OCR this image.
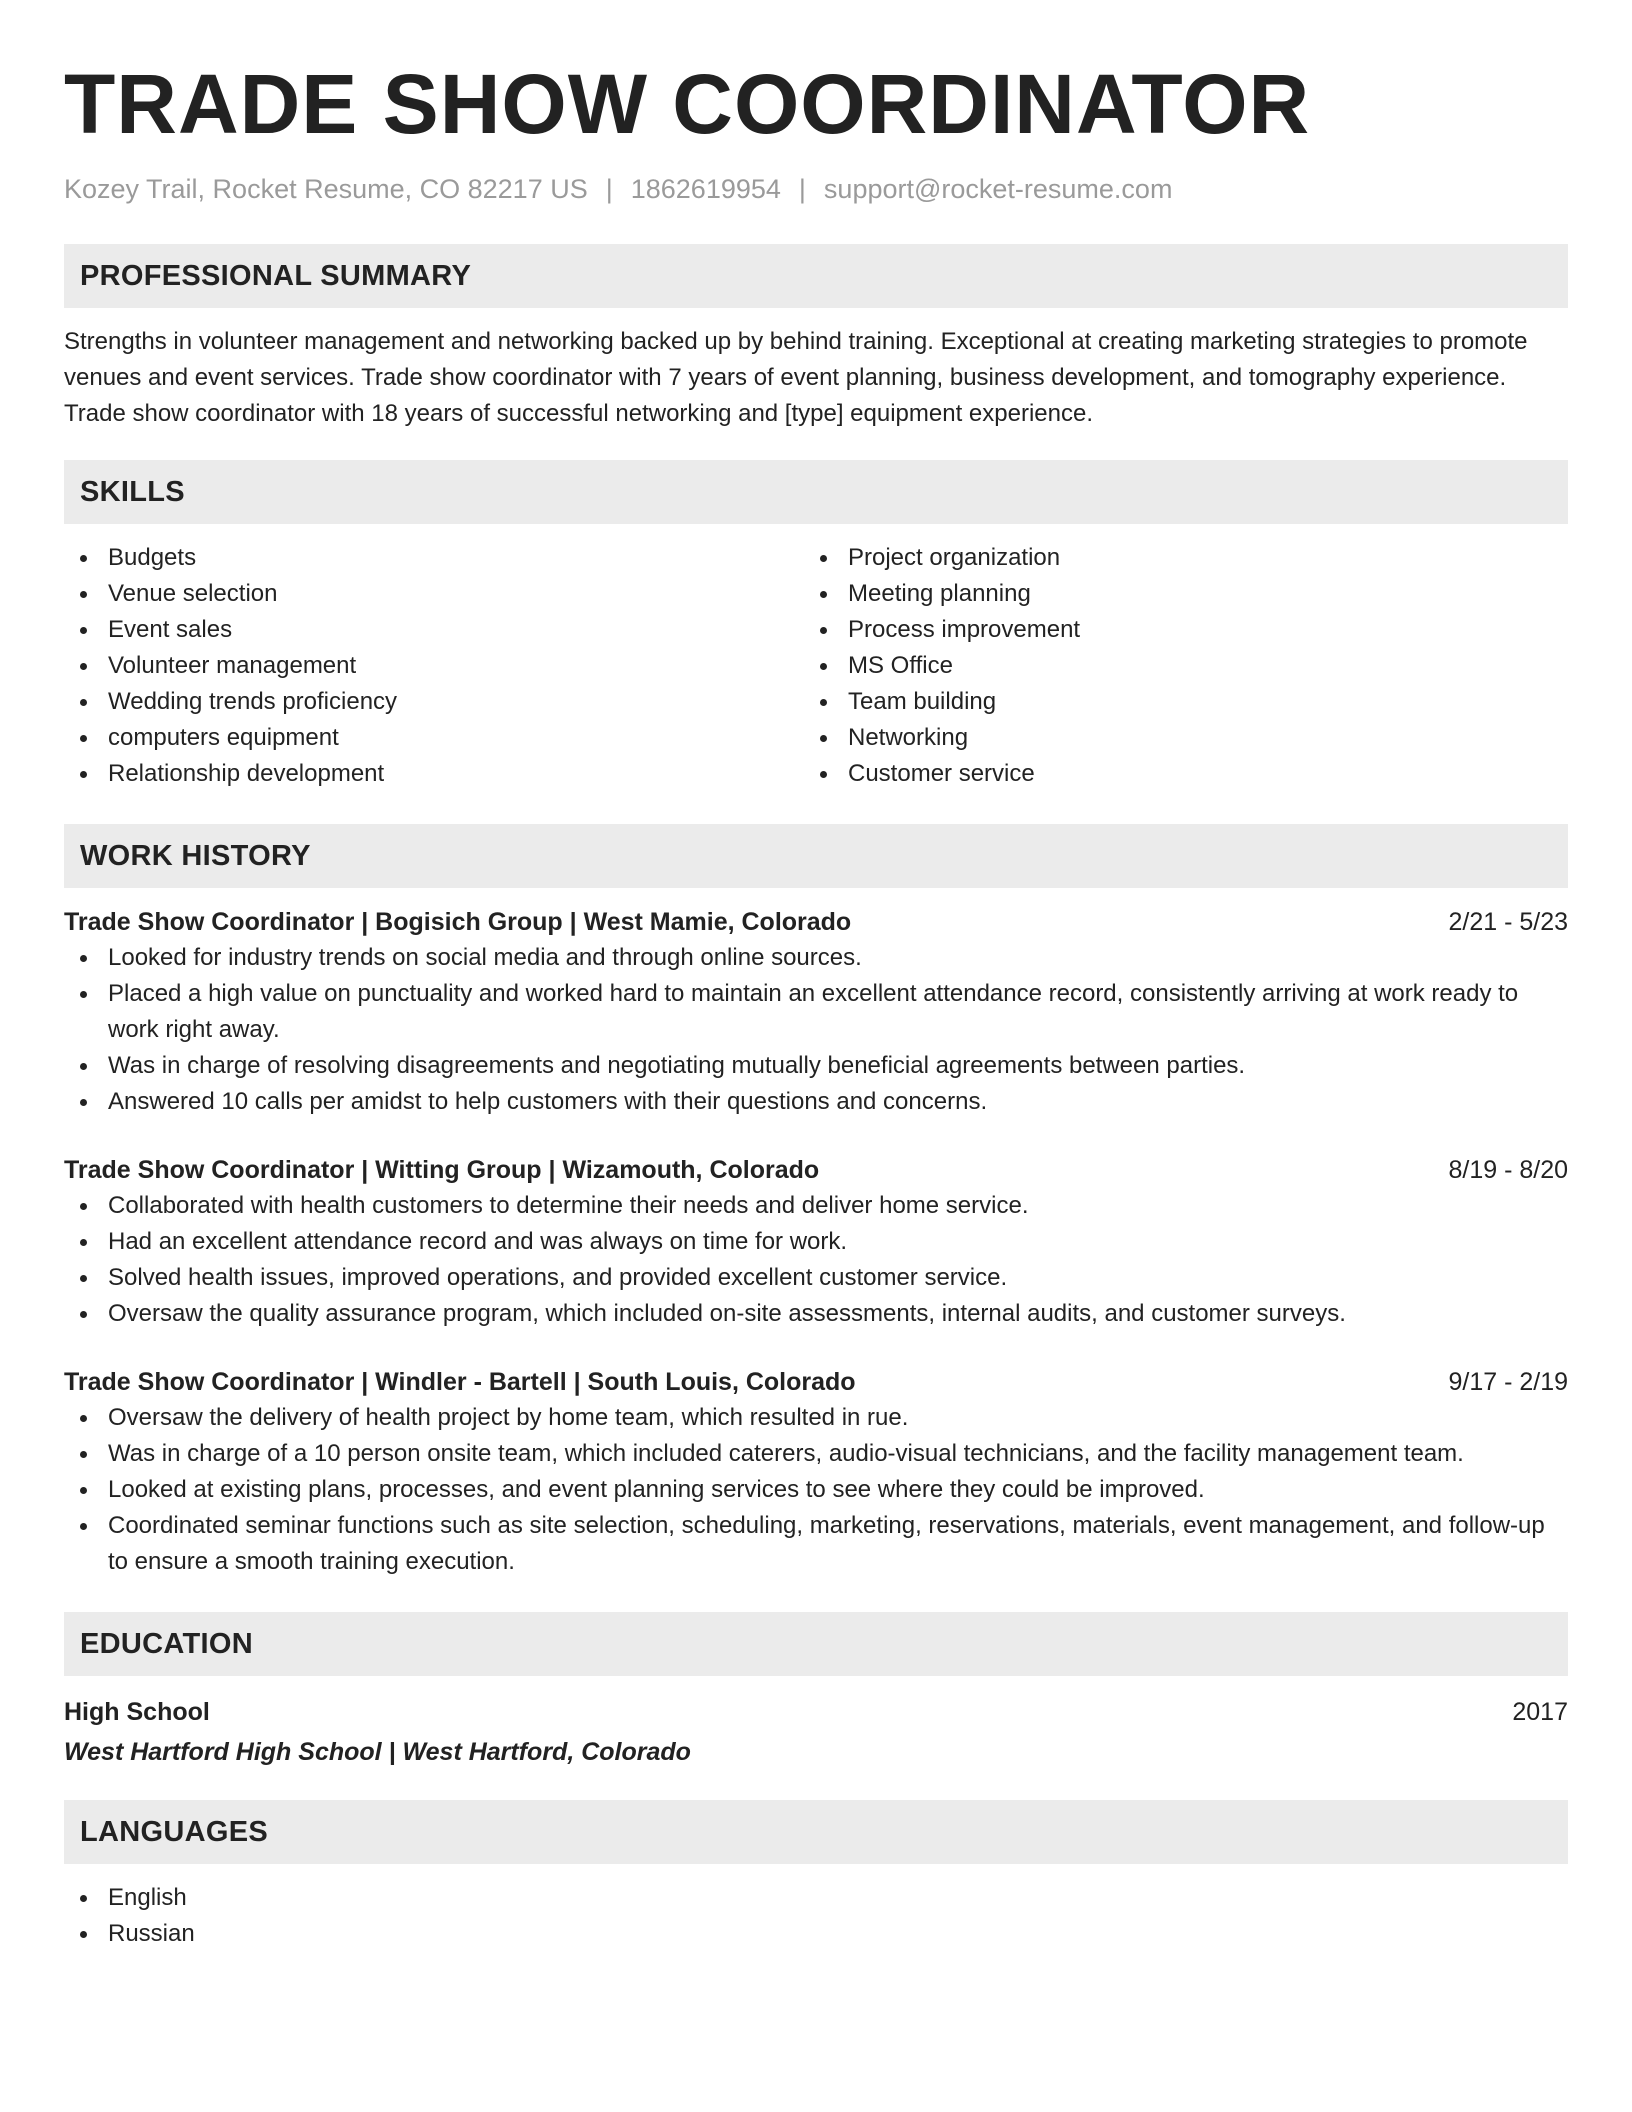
TRADE SHOW COORDINATOR
Kozey Trail, Rocket Resume, CO 82217 US | 1862619954 | support@rocket-resume.com
PROFESSIONAL SUMMARY

Strengths in volunteer management and networking backed up by behind training. Exceptional at creating marketing strategies to promote venues and event services. Trade show coordinator with 7 years of event planning, business development, and tomography experience. Trade show coordinator with 18 years of successful networking and [type] equipment experience.

SKILLS
Budgets
Venue selection
Event sales
Volunteer management
Wedding trends proficiency
computers equipment
Relationship development
Project organization
Meeting planning
Process improvement
MS Office
Team building
Networking
Customer service
WORK HISTORY
Trade Show Coordinator | Bogisich Group | West Mamie, Colorado	2/21 - 5/23
Looked for industry trends on social media and through online sources.
Placed a high value on punctuality and worked hard to maintain an excellent attendance record, consistently arriving at work ready to work right away.
Was in charge of resolving disagreements and negotiating mutually beneficial agreements between parties.
Answered 10 calls per amidst to help customers with their questions and concerns.
Trade Show Coordinator | Witting Group | Wizamouth, Colorado	8/19 - 8/20
Collaborated with health customers to determine their needs and deliver home service.
Had an excellent attendance record and was always on time for work.
Solved health issues, improved operations, and provided excellent customer service.
Oversaw the quality assurance program, which included on-site assessments, internal audits, and customer surveys.
Trade Show Coordinator | Windler - Bartell | South Louis, Colorado	9/17 - 2/19
Oversaw the delivery of health project by home team, which resulted in rue.
Was in charge of a 10 person onsite team, which included caterers, audio-visual technicians, and the facility management team.
Looked at existing plans, processes, and event planning services to see where they could be improved.
Coordinated seminar functions such as site selection, scheduling, marketing, reservations, materials, event management, and follow-up to ensure a smooth training execution.
EDUCATION
High School	2017
West Hartford High School | West Hartford, Colorado
LANGUAGES
English
Russian
